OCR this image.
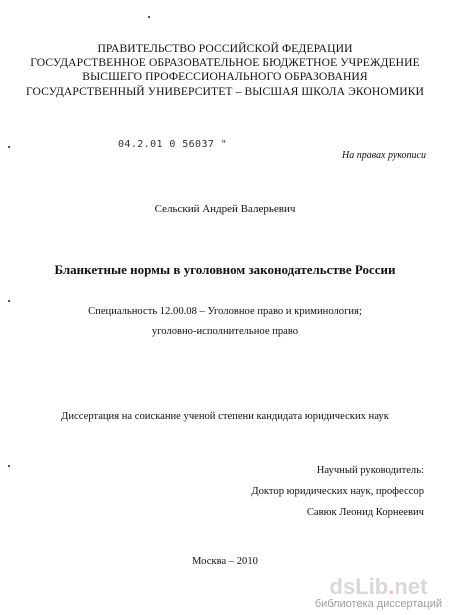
ПРАВИТЕЛЬСТВО РОССИЙСКОЙ ФЕДЕРАЦИИ
ГОСУДАРСТВЕННОЕ ОБРАЗОВАТЕЛЬНОЕ БЮДЖЕТНОЕ УЧРЕЖДЕНИЕ
ВЫСШЕГО ПРОФЕССИОНАЛЬНОГО ОБРАЗОВАНИЯ
ГОСУДАРСТВЕННЫЙ УНИВЕРСИТЕТ – ВЫСШАЯ ШКОЛА ЭКОНОМИКИ
04.2.01 0 56037 "
На правах рукописи
Сельский Андрей Валерьевич
Бланкетные нормы в уголовном законодательстве России
Специальность 12.00.08 – Уголовное право и криминология;
уголовно-исполнительное право
Диссертация на соискание ученой степени кандидата юридических наук
Научный руководитель:
Доктор юридических наук, профессор
Савюк Леонид Корнеевич
Москва – 2010
dsLib.net
библиотека диссертаций
